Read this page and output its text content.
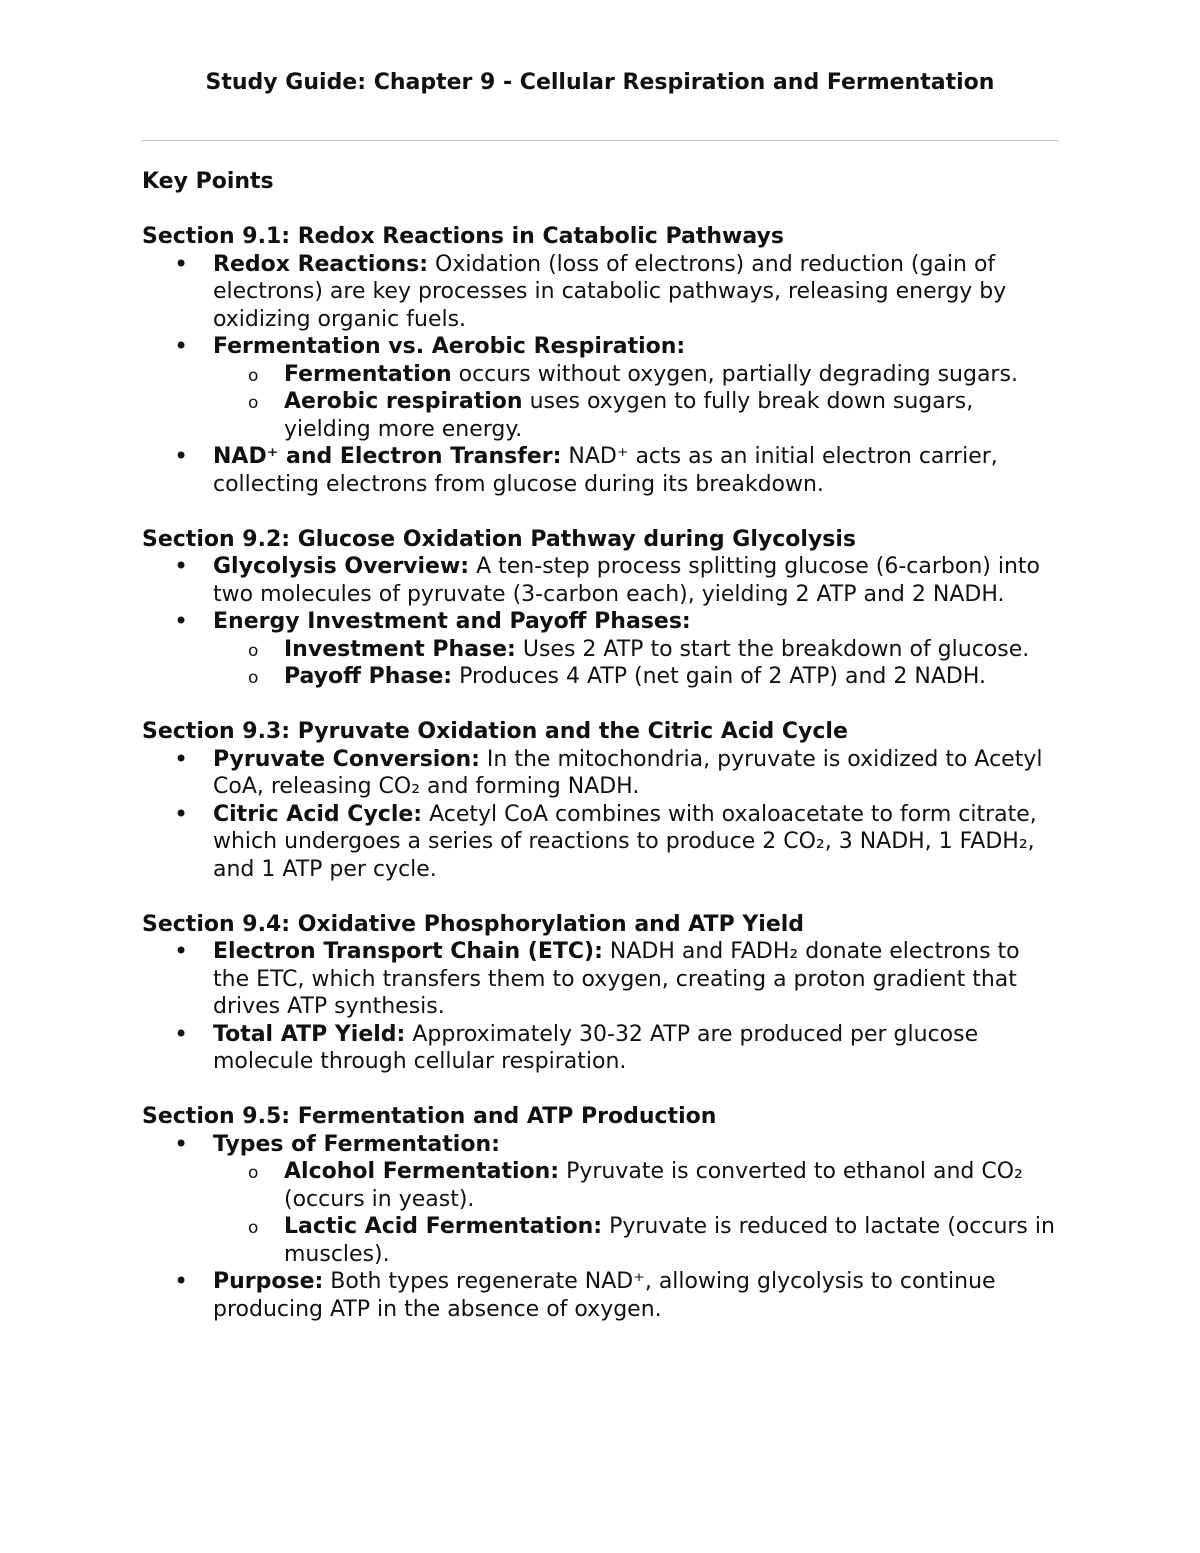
Study Guide: Chapter 9 - Cellular Respiration and Fermentation
Key Points
Section 9.1: Redox Reactions in Catabolic Pathways
• Redox Reactions: Oxidation (loss of electrons) and reduction (gain of electrons) are key processes in catabolic pathways, releasing energy by oxidizing organic fuels.
• Fermentation vs. Aerobic Respiration:
o Fermentation occurs without oxygen, partially degrading sugars.
o Aerobic respiration uses oxygen to fully break down sugars, yielding more energy.
• NAD⁺ and Electron Transfer: NAD⁺ acts as an initial electron carrier, collecting electrons from glucose during its breakdown.
Section 9.2: Glucose Oxidation Pathway during Glycolysis
• Glycolysis Overview: A ten-step process splitting glucose (6-carbon) into two molecules of pyruvate (3-carbon each), yielding 2 ATP and 2 NADH.
• Energy Investment and Payoff Phases:
o Investment Phase: Uses 2 ATP to start the breakdown of glucose.
o Payoff Phase: Produces 4 ATP (net gain of 2 ATP) and 2 NADH.
Section 9.3: Pyruvate Oxidation and the Citric Acid Cycle
• Pyruvate Conversion: In the mitochondria, pyruvate is oxidized to Acetyl CoA, releasing CO₂ and forming NADH.
• Citric Acid Cycle: Acetyl CoA combines with oxaloacetate to form citrate, which undergoes a series of reactions to produce 2 CO₂, 3 NADH, 1 FADH₂, and 1 ATP per cycle.
Section 9.4: Oxidative Phosphorylation and ATP Yield
• Electron Transport Chain (ETC): NADH and FADH₂ donate electrons to the ETC, which transfers them to oxygen, creating a proton gradient that drives ATP synthesis.
• Total ATP Yield: Approximately 30-32 ATP are produced per glucose molecule through cellular respiration.
Section 9.5: Fermentation and ATP Production
• Types of Fermentation:
o Alcohol Fermentation: Pyruvate is converted to ethanol and CO₂ (occurs in yeast).
o Lactic Acid Fermentation: Pyruvate is reduced to lactate (occurs in muscles).
• Purpose: Both types regenerate NAD⁺, allowing glycolysis to continue producing ATP in the absence of oxygen.
